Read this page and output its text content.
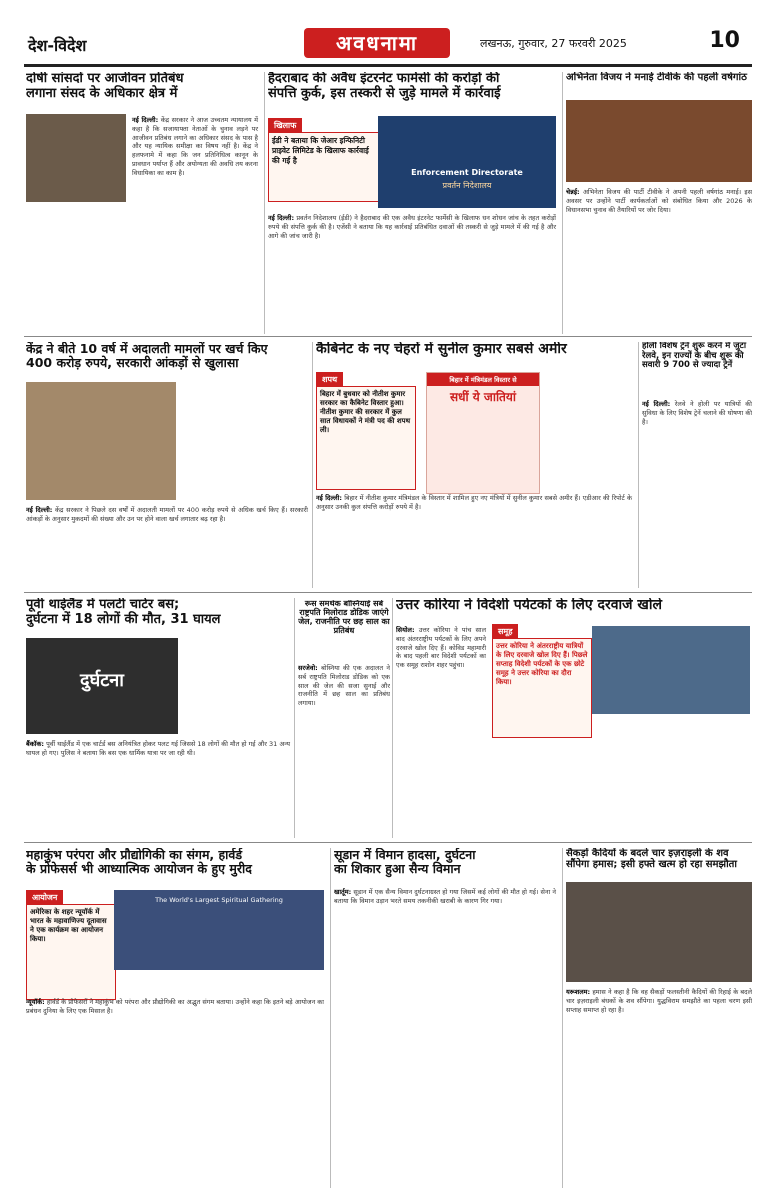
देश-विदेश	अवधनामा	लखनऊ, गुरुवार, 27 फरवरी 2025	10
दोषी सांसदों पर आजीवन प्रतिबंध
लगाना संसद के अधिकार क्षेत्र में

नई दिल्ली: केंद्र सरकार ने आज उच्चतम न्यायालय में कहा है कि सजायाफ्ता नेताओं के चुनाव लड़ने पर आजीवन प्रतिबंध लगाने का अधिकार संसद के पास है और यह न्यायिक समीक्षा का विषय नहीं है। केंद्र ने हलफनामे में कहा कि जन प्रतिनिधित्व कानून के प्रावधान पर्याप्त हैं और अयोग्यता की अवधि तय करना विधायिका का काम है।

हैदराबाद की अवैध इंटरनेट फार्मेसी की करोड़ों की
संपत्ति कुर्क, इस तस्करी से जुड़े मामले में कार्रवाई
खिलाफ

ईडी ने बताया कि जेआर इन्फिनिटी प्राइवेट लिमिटेड के खिलाफ कार्रवाई की गई है

Enforcement Directorate
प्रवर्तन निदेशालय

नई दिल्ली: प्रवर्तन निदेशालय (ईडी) ने हैदराबाद की एक अवैध इंटरनेट फार्मेसी के खिलाफ धन शोधन जांच के तहत करोड़ों रुपये की संपत्ति कुर्क की है। एजेंसी ने बताया कि यह कार्रवाई प्रतिबंधित दवाओं की तस्करी से जुड़े मामले में की गई है और आगे की जांच जारी है।

अभिनेता विजय ने मनाई टीवीके की पहली वर्षगांठ

चेन्नई: अभिनेता विजय की पार्टी टीवीके ने अपनी पहली वर्षगांठ मनाई। इस अवसर पर उन्होंने पार्टी कार्यकर्ताओं को संबोधित किया और 2026 के विधानसभा चुनाव की तैयारियों पर जोर दिया।

केंद्र ने बीते 10 वर्ष में अदालती मामलों पर खर्च किए
400 करोड़ रुपये, सरकारी आंकड़ों से खुलासा

नई दिल्ली: केंद्र सरकार ने पिछले दस वर्षों में अदालती मामलों पर 400 करोड़ रुपये से अधिक खर्च किए हैं। सरकारी आंकड़ों के अनुसार मुकदमों की संख्या और उन पर होने वाला खर्च लगातार बढ़ रहा है।

कैबिनेट के नए चेहरों में सुनील कुमार सबसे अमीर
शपथ

बिहार में बुधवार को नीतीश कुमार सरकार का कैबिनेट विस्तार हुआ। नीतीश कुमार की सरकार में कुल सात विधायकों ने मंत्री पद की शपथ ली।

बिहार में मंत्रिमंडल विस्तार से
सधीं ये जातियां

नई दिल्ली: बिहार में नीतीश कुमार मंत्रिमंडल के विस्तार में शामिल हुए नए मंत्रियों में सुनील कुमार सबसे अमीर हैं। एडीआर की रिपोर्ट के अनुसार उनकी कुल संपत्ति करोड़ों रुपये में है।

होली विशेष ट्रेनें शुरू करने में जुटा रेलवे, इन राज्यों के बीच शुरू की सवारी 9 700 से ज्यादा ट्रेनें

नई दिल्ली: रेलवे ने होली पर यात्रियों की सुविधा के लिए विशेष ट्रेनें चलाने की घोषणा की है।

पूर्वी थाईलैंड में पलटी चार्टर बस;
दुर्घटना में 18 लोगों की मौत, 31 घायल
दुर्घटना

बैंकॉक: पूर्वी थाईलैंड में एक चार्टर्ड बस अनियंत्रित होकर पलट गई जिससे 18 लोगों की मौत हो गई और 31 अन्य घायल हो गए। पुलिस ने बताया कि बस एक धार्मिक यात्रा पर जा रही थी।

रूस समर्थक बोस्नियाई सर्ब राष्ट्रपति मिलोराड डोडिक जाएंगे जेल, राजनीति पर छह साल का प्रतिबंध

सरजेवो: बोस्निया की एक अदालत ने सर्ब राष्ट्रपति मिलोराड डोडिक को एक साल की जेल की सजा सुनाई और राजनीति में छह साल का प्रतिबंध लगाया।

उत्तर कोरिया ने विदेशी पर्यटकों के लिए दरवाजे खोले
समूह

उत्तर कोरिया ने अंतरराष्ट्रीय यात्रियों के लिए दरवाजे खोल दिए हैं। पिछले सप्ताह विदेशी पर्यटकों के एक छोटे समूह ने उत्तर कोरिया का दौरा किया।

सियोल: उत्तर कोरिया ने पांच साल बाद अंतरराष्ट्रीय पर्यटकों के लिए अपने दरवाजे खोल दिए हैं। कोविड महामारी के बाद पहली बार विदेशी पर्यटकों का एक समूह राशोन शहर पहुंचा।

महाकुंभ परंपरा और प्रौद्योगिकी का संगम, हार्वर्ड
के प्रोफेसर्स भी आध्यात्मिक आयोजन के हुए मुरीद
आयोजन

अमेरिका के शहर न्यूयॉर्क में भारत के महावाणिज्य दूतावास ने एक कार्यक्रम का आयोजन किया।

The World's Largest Spiritual Gathering

न्यूयॉर्क: हार्वर्ड के प्रोफेसरों ने महाकुंभ को परंपरा और प्रौद्योगिकी का अद्भुत संगम बताया। उन्होंने कहा कि इतने बड़े आयोजन का प्रबंधन दुनिया के लिए एक मिसाल है।

सूडान में विमान हादसा, दुर्घटना
का शिकार हुआ सैन्य विमान

खार्तूम: सूडान में एक सैन्य विमान दुर्घटनाग्रस्त हो गया जिसमें कई लोगों की मौत हो गई। सेना ने बताया कि विमान उड़ान भरते समय तकनीकी खराबी के कारण गिर गया।

सैकड़ों कैदियों के बदले चार इज़राइली के शव
सौंपेगा हमास; इसी हफ्ते खत्म हो रहा समझौता

यरूशलम: हमास ने कहा है कि वह सैकड़ों फलस्तीनी कैदियों की रिहाई के बदले चार इज़राइली बंधकों के शव सौंपेगा। युद्धविराम समझौते का पहला चरण इसी सप्ताह समाप्त हो रहा है।
